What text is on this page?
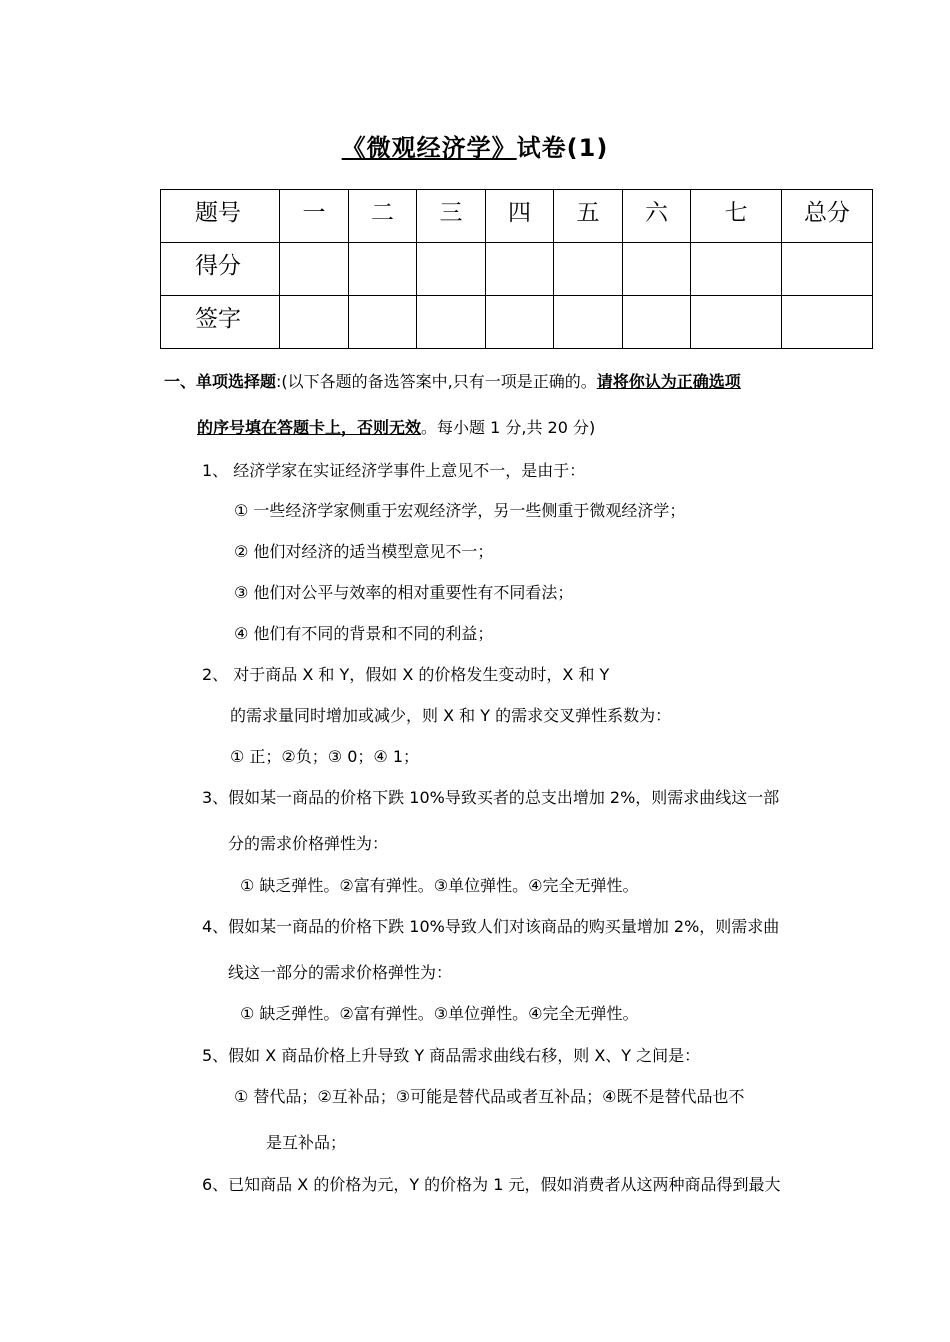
《微观经济学》试卷(1)
题号	一	二	三	四	五	六	七	总分
得分								
签字								
一、单项选择题:(以下各题的备选答案中,只有一项是正确的。请将你认为正确选项
的序号填在答题卡上，否则无效。每小题 1 分,共 20 分)
1、 经济学家在实证经济学事件上意见不一，是由于：
① 一些经济学家侧重于宏观经济学，另一些侧重于微观经济学；
② 他们对经济的适当模型意见不一；
③ 他们对公平与效率的相对重要性有不同看法；
④ 他们有不同的背景和不同的利益；
2、 对于商品 X 和 Y，假如 X 的价格发生变动时，X 和 Y
的需求量同时增加或减少，则 X 和 Y 的需求交叉弹性系数为：
① 正；②负；③ 0；④ 1；
3、假如某一商品的价格下跌 10%导致买者的总支出增加 2%，则需求曲线这一部
分的需求价格弹性为：
① 缺乏弹性。②富有弹性。③单位弹性。④完全无弹性。
4、假如某一商品的价格下跌 10%导致人们对该商品的购买量增加 2%，则需求曲
线这一部分的需求价格弹性为：
① 缺乏弹性。②富有弹性。③单位弹性。④完全无弹性。
5、假如 X 商品价格上升导致 Y 商品需求曲线右移，则 X、Y 之间是：
① 替代品；②互补品；③可能是替代品或者互补品；④既不是替代品也不
是互补品；
6、已知商品 X 的价格为元，Y 的价格为 1 元，假如消费者从这两种商品得到最大
